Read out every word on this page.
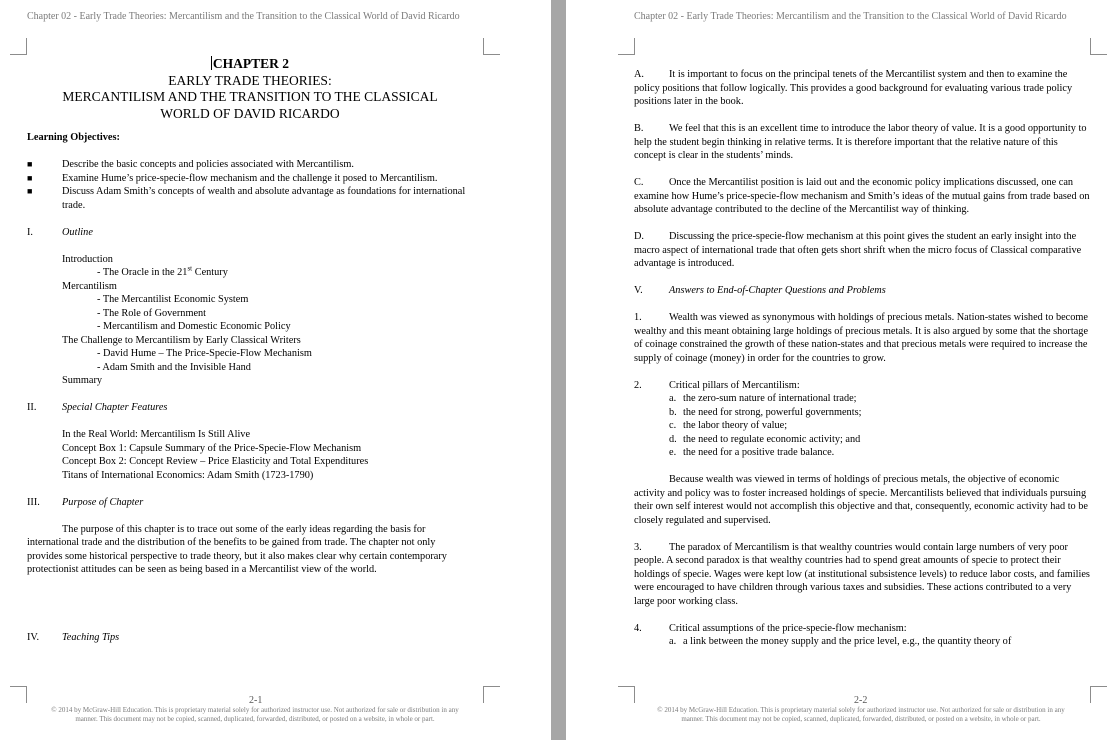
Chapter 02 - Early Trade Theories: Mercantilism and the Transition to the Classical World of David Ricardo
CHAPTER 2
EARLY TRADE THEORIES:
MERCANTILISM AND THE TRANSITION TO THE CLASSICAL
WORLD OF DAVID RICARDO
Learning Objectives:
■	Describe the basic concepts and policies associated with Mercantilism.
■	Examine Hume’s price-specie-flow mechanism and the challenge it posed to Mercantilism.
■	Discuss Adam Smith’s concepts of wealth and absolute advantage as foundations for international trade.
I.	Outline
Introduction
- The Oracle in the 21st Century
Mercantilism
- The Mercantilist Economic System
- The Role of Government
- Mercantilism and Domestic Economic Policy
The Challenge to Mercantilism by Early Classical Writers
- David Hume – The Price-Specie-Flow Mechanism
- Adam Smith and the Invisible Hand
Summary
II.	Special Chapter Features
In the Real World: Mercantilism Is Still Alive
Concept Box 1: Capsule Summary of the Price-Specie-Flow Mechanism
Concept Box 2: Concept Review – Price Elasticity and Total Expenditures
Titans of International Economics: Adam Smith (1723-1790)
III.	Purpose of Chapter
The purpose of this chapter is to trace out some of the early ideas regarding the basis for international trade and the distribution of the benefits to be gained from trade. The chapter not only provides some historical perspective to trade theory, but it also makes clear why certain contemporary protectionist attitudes can be seen as being based in a Mercantilist view of the world.
IV.	Teaching Tips
2-1
© 2014 by McGraw-Hill Education. This is proprietary material solely for authorized instructor use. Not authorized for sale or distribution in any
manner. This document may not be copied, scanned, duplicated, forwarded, distributed, or posted on a website, in whole or part.
Chapter 02 - Early Trade Theories: Mercantilism and the Transition to the Classical World of David Ricardo
A. It is important to focus on the principal tenets of the Mercantilist system and then to examine the policy positions that follow logically. This provides a good background for evaluating various trade policy positions later in the book.
B. We feel that this is an excellent time to introduce the labor theory of value. It is a good opportunity to help the student begin thinking in relative terms. It is therefore important that the relative nature of this concept is clear in the students’ minds.
C. Once the Mercantilist position is laid out and the economic policy implications discussed, one can examine how Hume’s price-specie-flow mechanism and Smith’s ideas of the mutual gains from trade based on absolute advantage contributed to the decline of the Mercantilist way of thinking.
D. Discussing the price-specie-flow mechanism at this point gives the student an early insight into the macro aspect of international trade that often gets short shrift when the micro focus of Classical comparative advantage is introduced.
V.	Answers to End-of-Chapter Questions and Problems
1.	Wealth was viewed as synonymous with holdings of precious metals. Nation-states wished to become wealthy and this meant obtaining large holdings of precious metals. It is also argued by some that the shortage of coinage constrained the growth of these nation-states and that precious metals were required to increase the supply of coinage (money) in order for the countries to grow.
2.	Critical pillars of Mercantilism:
a. the zero-sum nature of international trade;
b. the need for strong, powerful governments;
c. the labor theory of value;
d. the need to regulate economic activity; and
e. the need for a positive trade balance.
Because wealth was viewed in terms of holdings of precious metals, the objective of economic activity and policy was to foster increased holdings of specie. Mercantilists believed that individuals pursuing their own self interest would not accomplish this objective and that, consequently, economic activity had to be closely regulated and supervised.
3.	The paradox of Mercantilism is that wealthy countries would contain large numbers of very poor people. A second paradox is that wealthy countries had to spend great amounts of specie to protect their holdings of specie. Wages were kept low (at institutional subsistence levels) to reduce labor costs, and families were encouraged to have children through various taxes and subsidies. These actions contributed to a very large poor working class.
4.	Critical assumptions of the price-specie-flow mechanism:
a. a link between the money supply and the price level, e.g., the quantity theory of
2-2
© 2014 by McGraw-Hill Education. This is proprietary material solely for authorized instructor use. Not authorized for sale or distribution in any
manner. This document may not be copied, scanned, duplicated, forwarded, distributed, or posted on a website, in whole or part.
